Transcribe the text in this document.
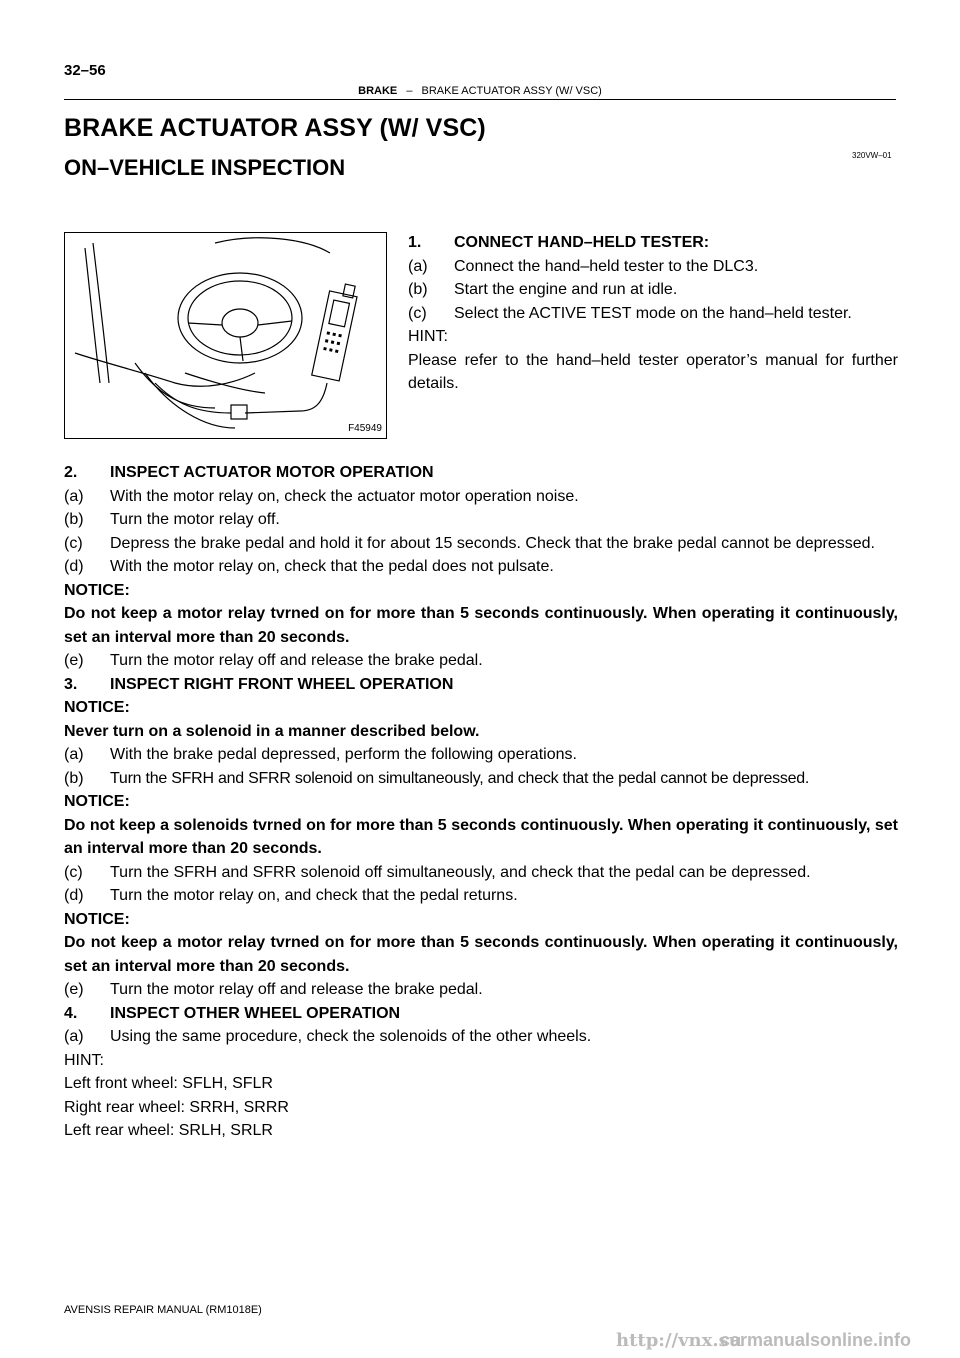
32–56
BRAKE – BRAKE ACTUATOR ASSY (W/ VSC)
BRAKE ACTUATOR ASSY (W/ VSC)
ON–VEHICLE INSPECTION	320VW–01
F45949
1.	CONNECT HAND–HELD TESTER:
(a)	Connect the hand–held tester to the DLC3.
(b)	Start the engine and run at idle.
(c)	Select the ACTIVE TEST mode on the hand–held tester.
HINT:
Please refer to the hand–held tester operator’s manual for further details.
2.	INSPECT ACTUATOR MOTOR OPERATION
(a)	With the motor relay on, check the actuator motor operation noise.
(b)	Turn the motor relay off.
(c)	Depress the brake pedal and hold it for about 15 seconds. Check that the brake pedal cannot be depressed.
(d)	With the motor relay on, check that the pedal does not pulsate.
NOTICE:
Do not keep a motor relay tvrned on for more than 5 seconds continuously. When operating it continuously, set an interval more than 20 seconds.
(e)	Turn the motor relay off and release the brake pedal.
3.	INSPECT RIGHT FRONT WHEEL OPERATION
NOTICE:
Never turn on a solenoid in a manner described below.
(a)	With the brake pedal depressed, perform the following operations.
(b)	Turn the SFRH and SFRR solenoid on simultaneously, and check that the pedal cannot be depressed.
NOTICE:
Do not keep a solenoids tvrned on for more than 5 seconds continuously. When operating it continuously, set an interval more than 20 seconds.
(c)	Turn the SFRH and SFRR solenoid off simultaneously, and check that the pedal can be depressed.
(d)	Turn the motor relay on, and check that the pedal returns.
NOTICE:
Do not keep a motor relay tvrned on for more than 5 seconds continuously. When operating it continuously, set an interval more than 20 seconds.
(e)	Turn the motor relay off and release the brake pedal.
4.	INSPECT OTHER WHEEL OPERATION
(a)	Using the same procedure, check the solenoids of the other wheels.
HINT:
Left front wheel: SFLH, SFLR
Right rear wheel: SRRH, SRRR
Left rear wheel: SRLH, SRLR
AVENSIS REPAIR MANUAL (RM1018E)
http://vnx.su
carmanualsonline.info
